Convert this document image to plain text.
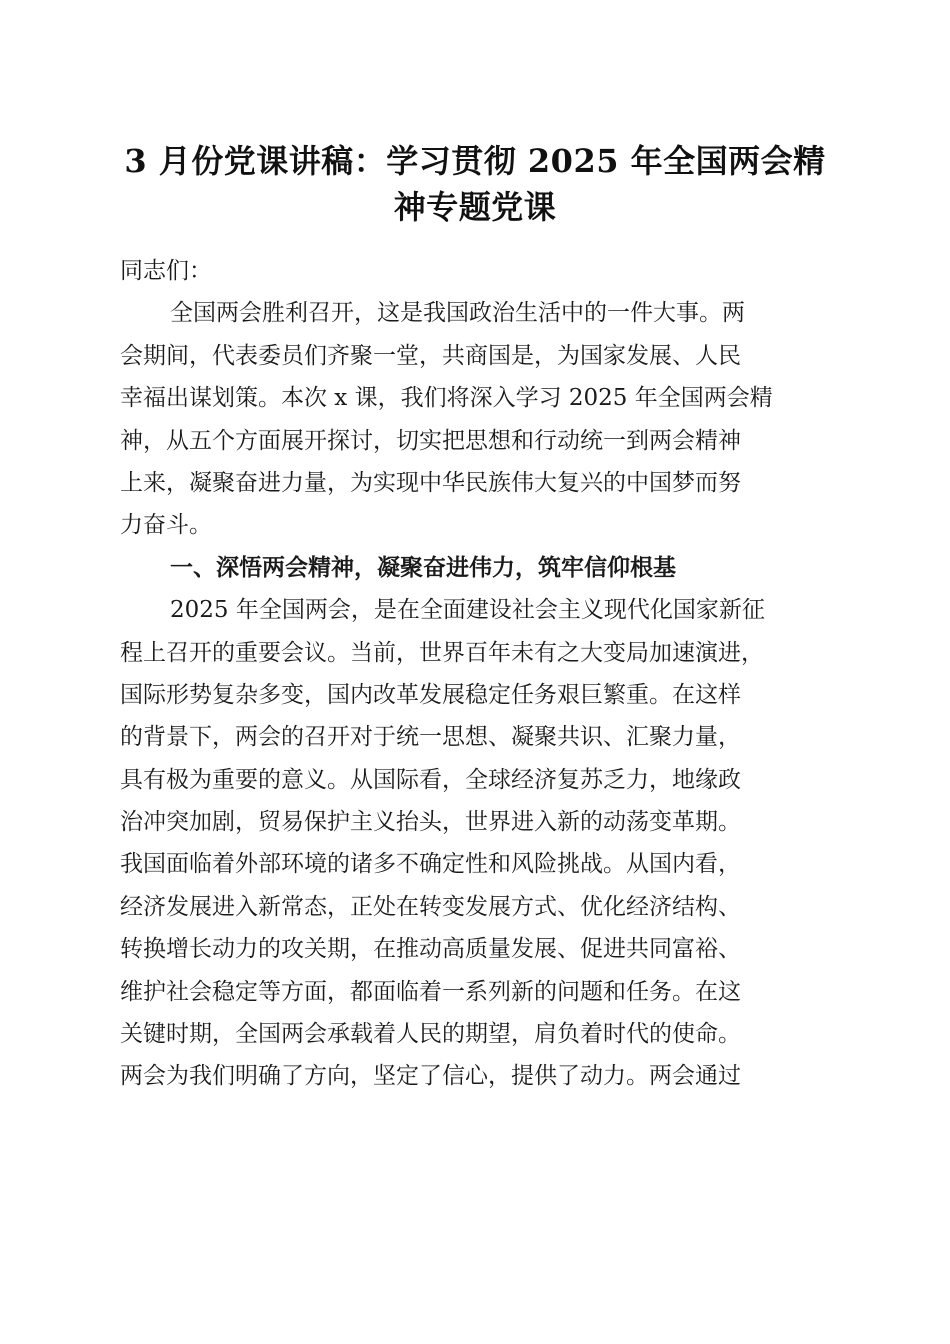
3 月份党课讲稿：学习贯彻 2025 年全国两会精
神专题党课
同志们：
全国两会胜利召开，这是我国政治生活中的一件大事。两
会期间，代表委员们齐聚一堂，共商国是，为国家发展、人民
幸福出谋划策。本次 x 课，我们将深入学习 2025 年全国两会精
神，从五个方面展开探讨，切实把思想和行动统一到两会精神
上来，凝聚奋进力量，为实现中华民族伟大复兴的中国梦而努
力奋斗。
一、深悟两会精神，凝聚奋进伟力，筑牢信仰根基
2025 年全国两会，是在全面建设社会主义现代化国家新征
程上召开的重要会议。当前，世界百年未有之大变局加速演进，
国际形势复杂多变，国内改革发展稳定任务艰巨繁重。在这样
的背景下，两会的召开对于统一思想、凝聚共识、汇聚力量，
具有极为重要的意义。从国际看，全球经济复苏乏力，地缘政
治冲突加剧，贸易保护主义抬头，世界进入新的动荡变革期。
我国面临着外部环境的诸多不确定性和风险挑战。从国内看，
经济发展进入新常态，正处在转变发展方式、优化经济结构、
转换增长动力的攻关期，在推动高质量发展、促进共同富裕、
维护社会稳定等方面，都面临着一系列新的问题和任务。在这
关键时期，全国两会承载着人民的期望，肩负着时代的使命。
两会为我们明确了方向，坚定了信心，提供了动力。两会通过
